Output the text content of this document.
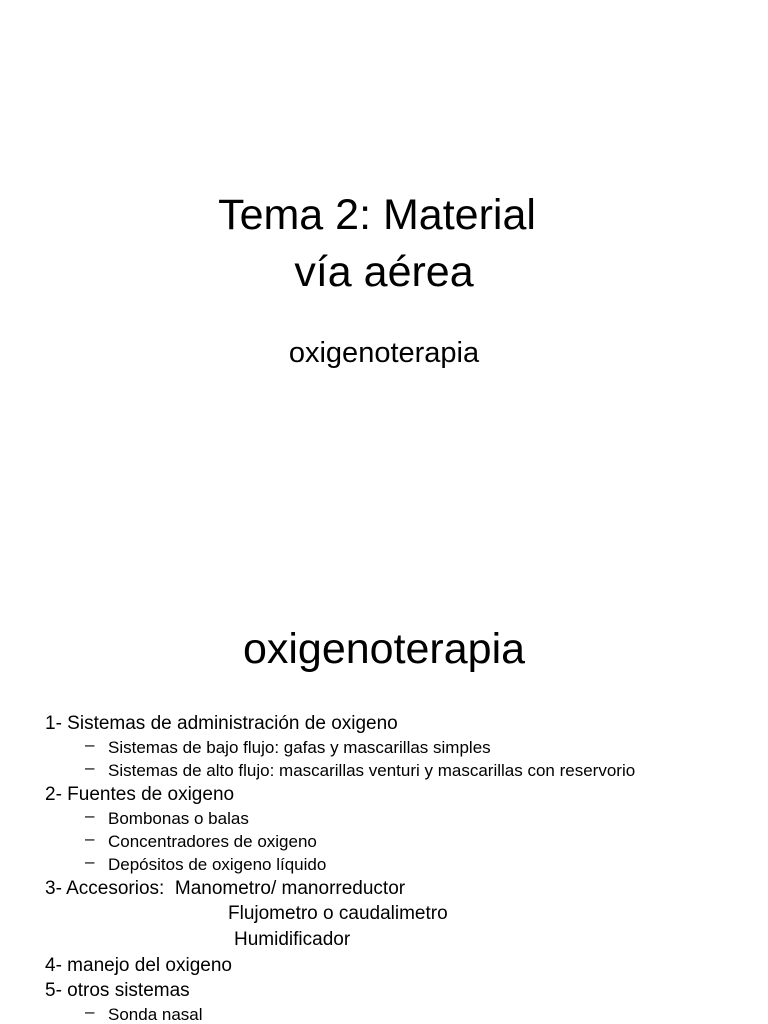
Tema 2: Material
vía aérea
oxigenoterapia
oxigenoterapia
1- Sistemas de administración de oxigeno

–

Sistemas de bajo flujo: gafas y mascarillas simples

–

Sistemas de alto flujo: mascarillas venturi y mascarillas con reservorio

2- Fuentes de oxigeno

–

Bombonas o balas

–

Concentradores de oxigeno

–

Depósitos de oxigeno líquido

3- Accesorios:  Manometro/ manorreductor
Flujometro o caudalimetro
Humidificador
4- manejo del oxigeno
5- otros sistemas

–

Sonda nasal
